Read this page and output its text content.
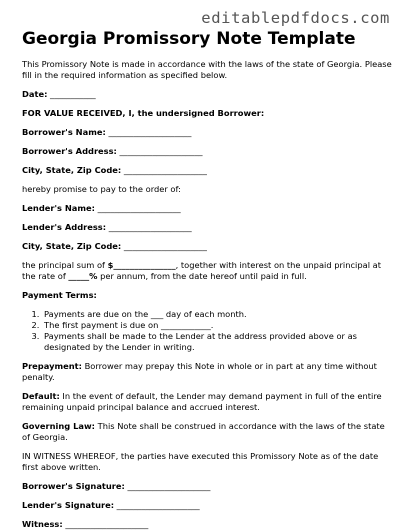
editablepdfdocs.com
Georgia Promissory Note Template

This Promissory Note is made in accordance with the laws of the state of Georgia. Please fill in the required information as specified below.

Date: ___________

FOR VALUE RECEIVED, I, the undersigned Borrower:

Borrower's Name: ____________________

Borrower's Address: ____________________

City, State, Zip Code: ____________________

hereby promise to pay to the order of:

Lender's Name: ____________________

Lender's Address: ____________________

City, State, Zip Code: ____________________

the principal sum of $_______________, together with interest on the unpaid principal at the rate of _____% per annum, from the date hereof until paid in full.

Payment Terms:

1. Payments are due on the ___ day of each month.
2. The first payment is due on ____________.
3. Payments shall be made to the Lender at the address provided above or as designated by the Lender in writing.

Prepayment: Borrower may prepay this Note in whole or in part at any time without penalty.

Default: In the event of default, the Lender may demand payment in full of the entire remaining unpaid principal balance and accrued interest.

Governing Law: This Note shall be construed in accordance with the laws of the state of Georgia.

IN WITNESS WHEREOF, the parties have executed this Promissory Note as of the date first above written.

Borrower's Signature: ____________________

Lender's Signature: ____________________

Witness: ____________________
